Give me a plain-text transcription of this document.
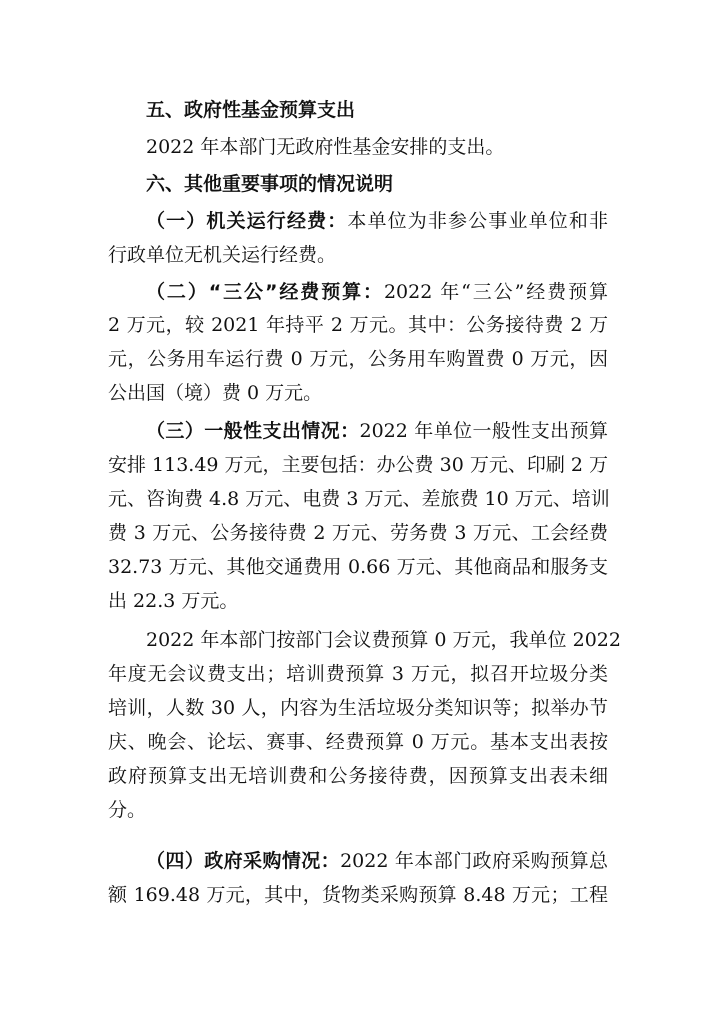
五、政府性基金预算支出
2022 年本部门无政府性基金安排的支出。
六、其他重要事项的情况说明
（一）机关运行经费：本单位为非参公事业单位和非
行政单位无机关运行经费。
（二）“三公”经费预算：2022 年“三公”经费预算
2 万元，较 2021 年持平 2 万元。其中：公务接待费 2 万
元，公务用车运行费 0 万元，公务用车购置费 0 万元，因
公出国（境）费 0 万元。
（三）一般性支出情况：2022 年单位一般性支出预算
安排 113.49 万元，主要包括：办公费 30 万元、印刷 2 万
元、咨询费 4.8 万元、电费 3 万元、差旅费 10 万元、培训
费 3 万元、公务接待费 2 万元、劳务费 3 万元、工会经费
32.73 万元、其他交通费用 0.66 万元、其他商品和服务支
出 22.3 万元。
2022 年本部门按部门会议费预算 0 万元，我单位 2022
年度无会议费支出；培训费预算 3 万元，拟召开垃圾分类
培训，人数 30 人，内容为生活垃圾分类知识等；拟举办节
庆、晚会、论坛、赛事、经费预算 0 万元。基本支出表按
政府预算支出无培训费和公务接待费，因预算支出表未细
分。
（四）政府采购情况：2022 年本部门政府采购预算总
额 169.48 万元，其中，货物类采购预算 8.48 万元；工程
